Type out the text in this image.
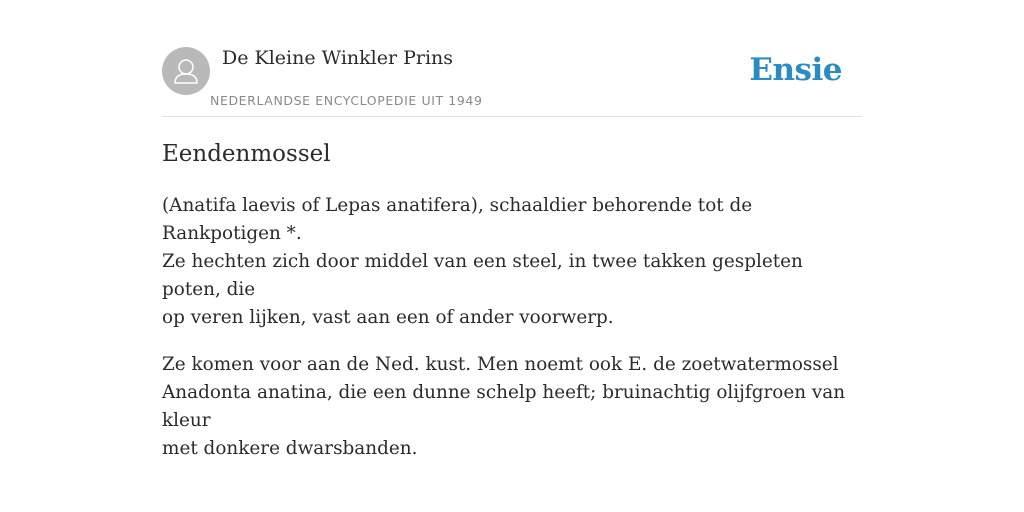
De Kleine Winkler Prins
NEDERLANDSE ENCYCLOPEDIE UIT 1949
Ensie
Eendenmossel

(Anatifa laevis of Lepas anatifera), schaaldier behorende tot de Rankpotigen *.
Ze hechten zich door middel van een steel, in twee takken gespleten poten, die
op veren lijken, vast aan een of ander voorwerp.

Ze komen voor aan de Ned. kust. Men noemt ook E. de zoetwatermossel
Anadonta anatina, die een dunne schelp heeft; bruinachtig olijfgroen van kleur
met donkere dwarsbanden.
